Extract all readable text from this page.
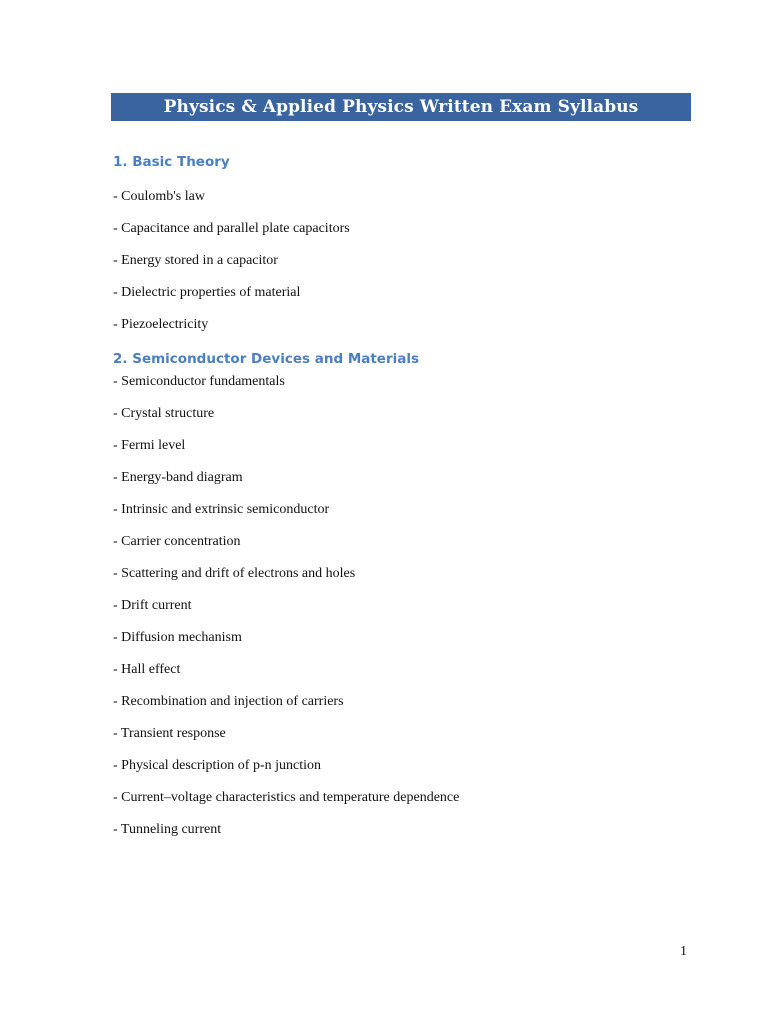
Physics & Applied Physics Written Exam Syllabus
1. Basic Theory
- Coulomb's law
- Capacitance and parallel plate capacitors
- Energy stored in a capacitor
- Dielectric properties of material
- Piezoelectricity
2. Semiconductor Devices and Materials
- Semiconductor fundamentals
- Crystal structure
- Fermi level
- Energy-band diagram
- Intrinsic and extrinsic semiconductor
- Carrier concentration
- Scattering and drift of electrons and holes
- Drift current
- Diffusion mechanism
- Hall effect
- Recombination and injection of carriers
- Transient response
- Physical description of p-n junction
- Current–voltage characteristics and temperature dependence
- Tunneling current
1
